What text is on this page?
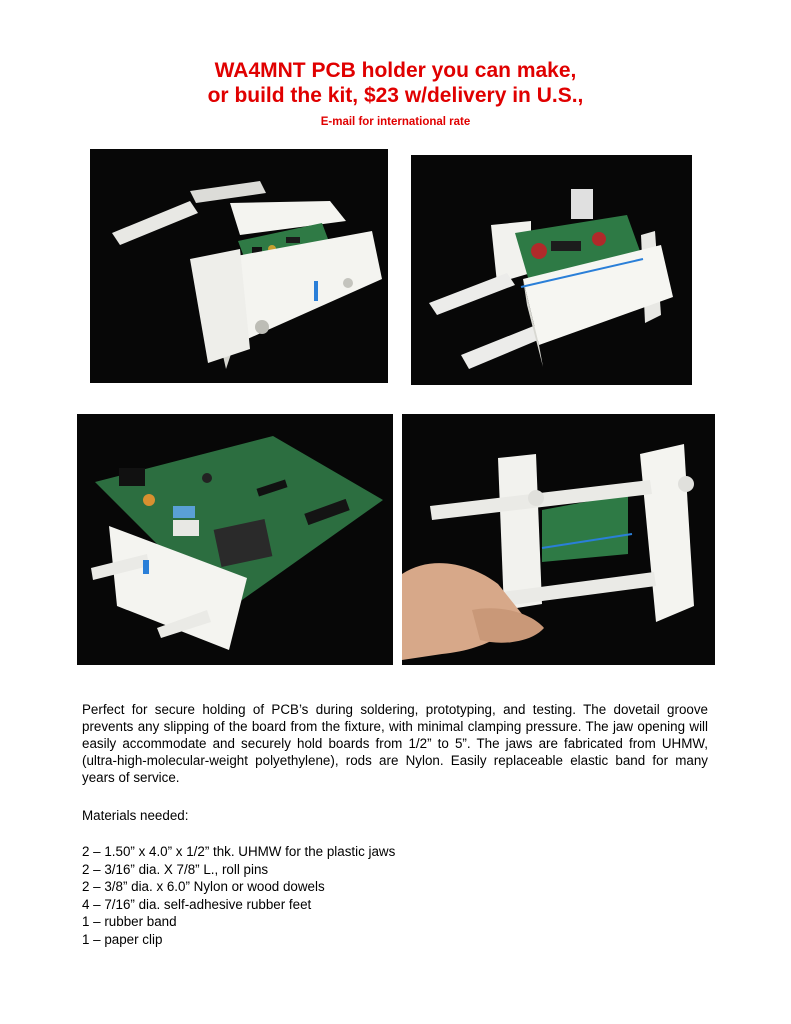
WA4MNT PCB holder you can make,
or build the kit, $23 w/delivery in U.S.,
E-mail for international rate
Perfect for secure holding of PCB’s during soldering, prototyping, and testing. The dovetail groove prevents any slipping of the board from the fixture, with minimal clamping pressure. The jaw opening will easily accommodate and securely hold boards from 1/2” to 5”. The jaws are fabricated from UHMW, (ultra-high-molecular-weight polyethylene), rods are Nylon. Easily replaceable elastic band for many years of service.
Materials needed:
2 – 1.50” x 4.0” x 1/2” thk. UHMW for the plastic jaws
2 – 3/16” dia. X 7/8” L., roll pins
2 – 3/8” dia. x 6.0” Nylon or wood dowels
4 – 7/16” dia. self-adhesive rubber feet
1 – rubber band
1 – paper clip
